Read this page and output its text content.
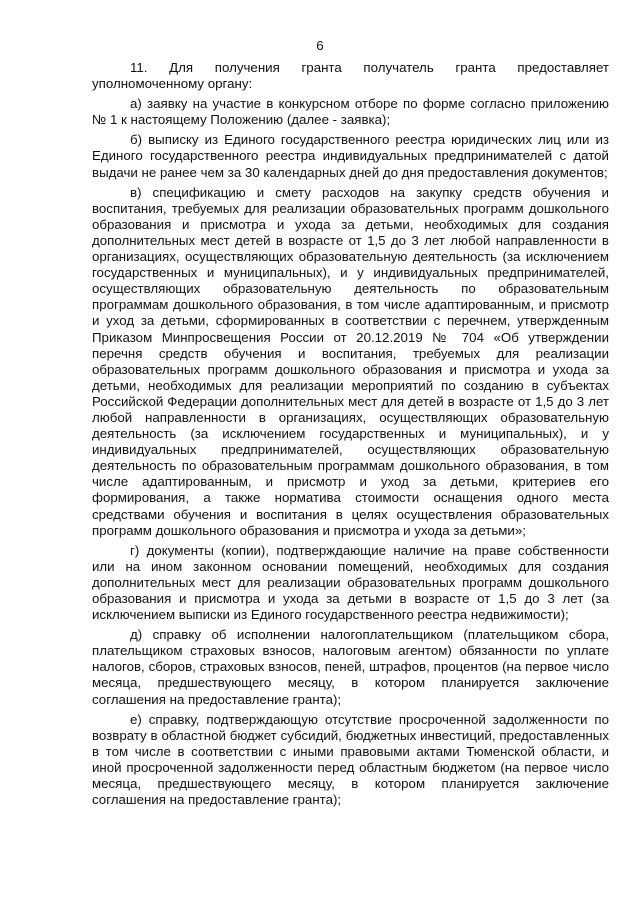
6

11. Для получения гранта получатель гранта предоставляет уполномоченному органу:

а) заявку на участие в конкурсном отборе по форме согласно приложению № 1 к настоящему Положению (далее - заявка);

б) выписку из Единого государственного реестра юридических лиц или из Единого государственного реестра индивидуальных предпринимателей с датой выдачи не ранее чем за 30 календарных дней до дня предоставления документов;

в) спецификацию и смету расходов на закупку средств обучения и воспитания, требуемых для реализации образовательных программ дошкольного образования и присмотра и ухода за детьми, необходимых для создания дополнительных мест детей в возрасте от 1,5 до 3 лет любой направленности в организациях, осуществляющих образовательную деятельность (за исключением государственных и муниципальных), и у индивидуальных предпринимателей, осуществляющих образовательную деятельность по образовательным программам дошкольного образования, в том числе адаптированным, и присмотр и уход за детьми, сформированных в соответствии с перечнем, утвержденным Приказом Минпросвещения России от 20.12.2019 № 704 «Об утверждении перечня средств обучения и воспитания, требуемых для реализации образовательных программ дошкольного образования и присмотра и ухода за детьми, необходимых для реализации мероприятий по созданию в субъектах Российской Федерации дополнительных мест для детей в возрасте от 1,5 до 3 лет любой направленности в организациях, осуществляющих образовательную деятельность (за исключением государственных и муниципальных), и у индивидуальных предпринимателей, осуществляющих образовательную деятельность по образовательным программам дошкольного образования, в том числе адаптированным, и присмотр и уход за детьми, критериев его формирования, а также норматива стоимости оснащения одного места средствами обучения и воспитания в целях осуществления образовательных программ дошкольного образования и присмотра и ухода за детьми»;

г) документы (копии), подтверждающие наличие на праве собственности или на ином законном основании помещений, необходимых для создания дополнительных мест для реализации образовательных программ дошкольного образования и присмотра и ухода за детьми в возрасте от 1,5 до 3 лет (за исключением выписки из Единого государственного реестра недвижимости);

д) справку об исполнении налогоплательщиком (плательщиком сбора, плательщиком страховых взносов, налоговым агентом) обязанности по уплате налогов, сборов, страховых взносов, пеней, штрафов, процентов (на первое число месяца, предшествующего месяцу, в котором планируется заключение соглашения на предоставление гранта);

е) справку, подтверждающую отсутствие просроченной задолженности по возврату в областной бюджет субсидий, бюджетных инвестиций, предоставленных в том числе в соответствии с иными правовыми актами Тюменской области, и иной просроченной задолженности перед областным бюджетом (на первое число месяца, предшествующего месяцу, в котором планируется заключение соглашения на предоставление гранта);
